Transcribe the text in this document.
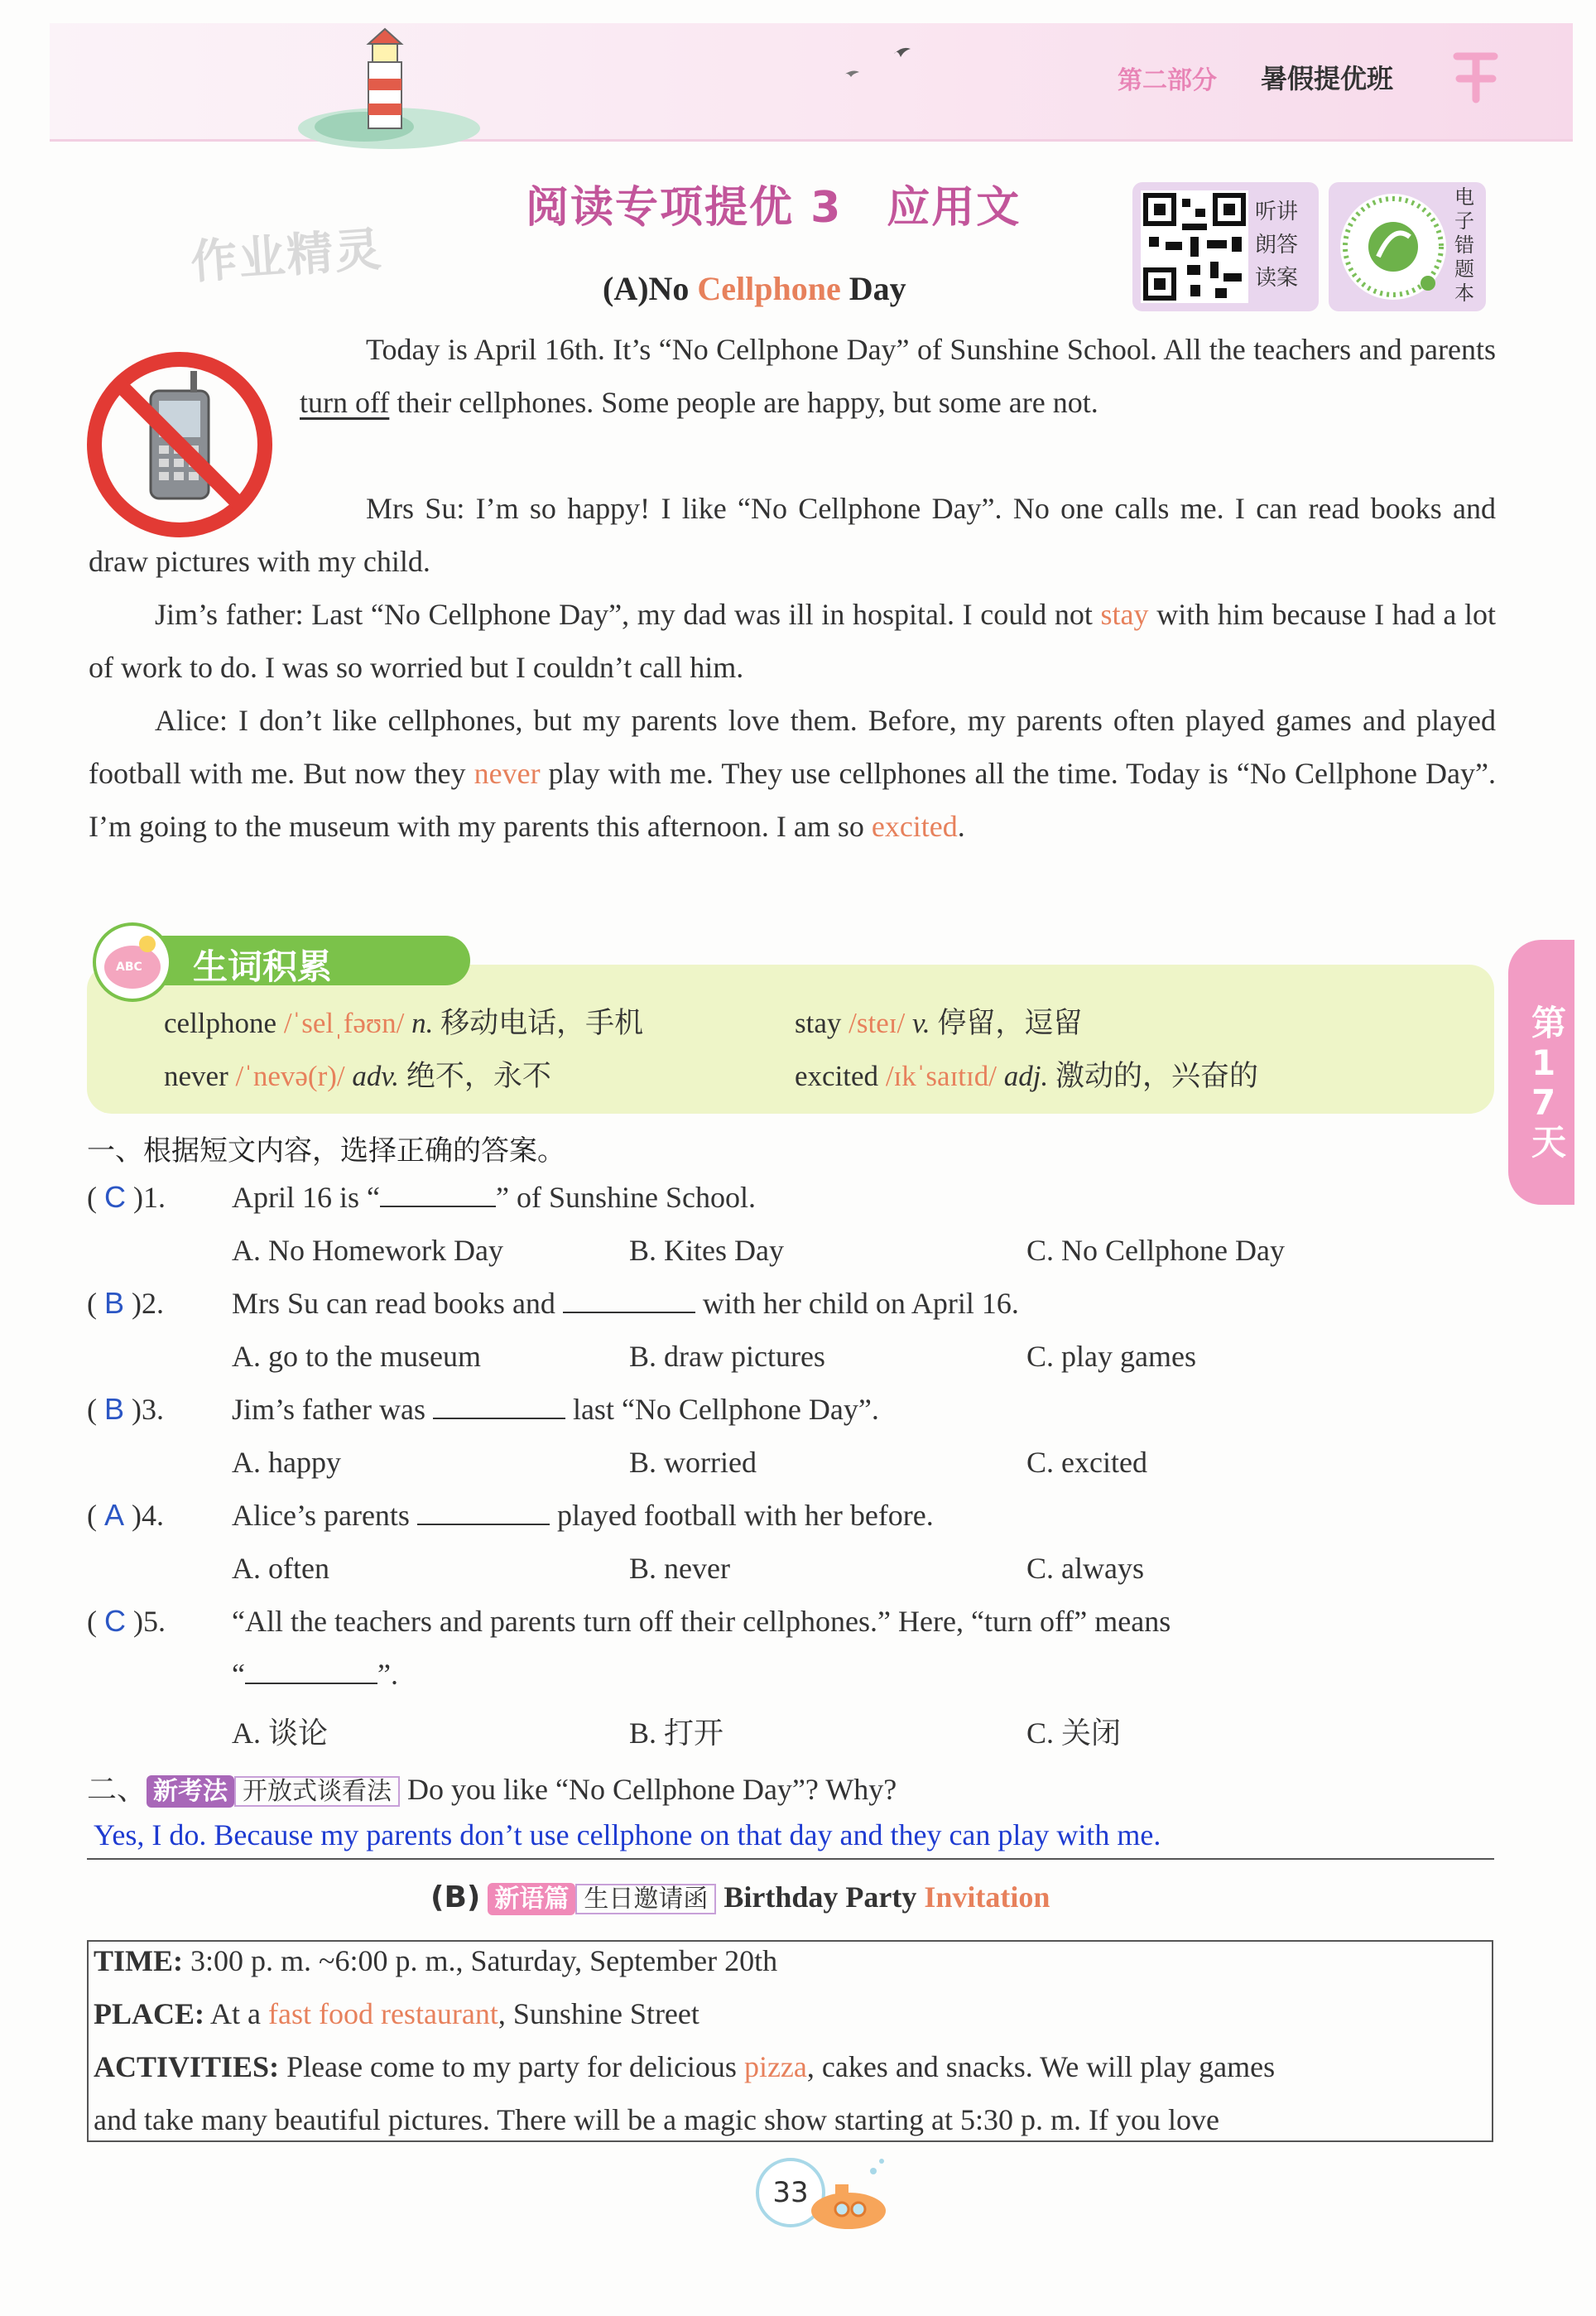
第二部分 暑假提优班
作业精灵
阅读专项提优 3　应用文	听讲
朗答
读案
电子错题本
(A)No Cellphone Day
Today is April 16th. It’s “No Cellphone Day” of Sunshine School. All the teachers and parents turn off their cellphones. Some people are happy, but some are not.
Mrs Su: I’m so happy! I like “No Cellphone Day”. No one calls me. I can read books and draw pictures with my child.
Jim’s father: Last “No Cellphone Day”, my dad was ill in hospital. I could not stay with him because I had a lot of work to do. I was so worried but I couldn’t call him.
Alice: I don’t like cellphones, but my parents love them. Before, my parents often played games and played football with me. But now they never play with me. They use cellphones all the time. Today is “No Cellphone Day”. I’m going to the museum with my parents this afternoon. I am so excited.
ABC 生词积累
cellphone /ˈselˌfəʊn/ n. 移动电话，手机	stay /steɪ/ v. 停留，逗留
never /ˈnevə(r)/ adv. 绝不，永不	excited /ɪkˈsaɪtɪd/ adj. 激动的，兴奋的
一、根据短文内容，选择正确的答案。
( C )1. April 16 is “	” of Sunshine School.
A. No Homework Day	B. Kites Day	C. No Cellphone Day
( B )2. Mrs Su can read books and	with her child on April 16.
A. go to the museum	B. draw pictures	C. play games
( B )3. Jim’s father was	last “No Cellphone Day”.
A. happy	B. worried	C. excited
( A )4. Alice’s parents	played football with her before.
A. often	B. never	C. always
( C )5. “All the teachers and parents turn off their cellphones.” Here, “turn off” means
“	”.
A. 谈论	B. 打开	C. 关闭
二、 新考法 开放式谈看法 Do you like “No Cellphone Day”? Why?
Yes, I do. Because my parents don’t use cellphone on that day and they can play with me.
(B) 新语篇 生日邀请函 Birthday Party Invitation
TIME: 3:00 p. m. ~6:00 p. m., Saturday, September 20th
PLACE: At a fast food restaurant, Sunshine Street
ACTIVITIES: Please come to my party for delicious pizza, cakes and snacks. We will play games
and take many beautiful pictures. There will be a magic show starting at 5:30 p. m. If you love
第17天
33
